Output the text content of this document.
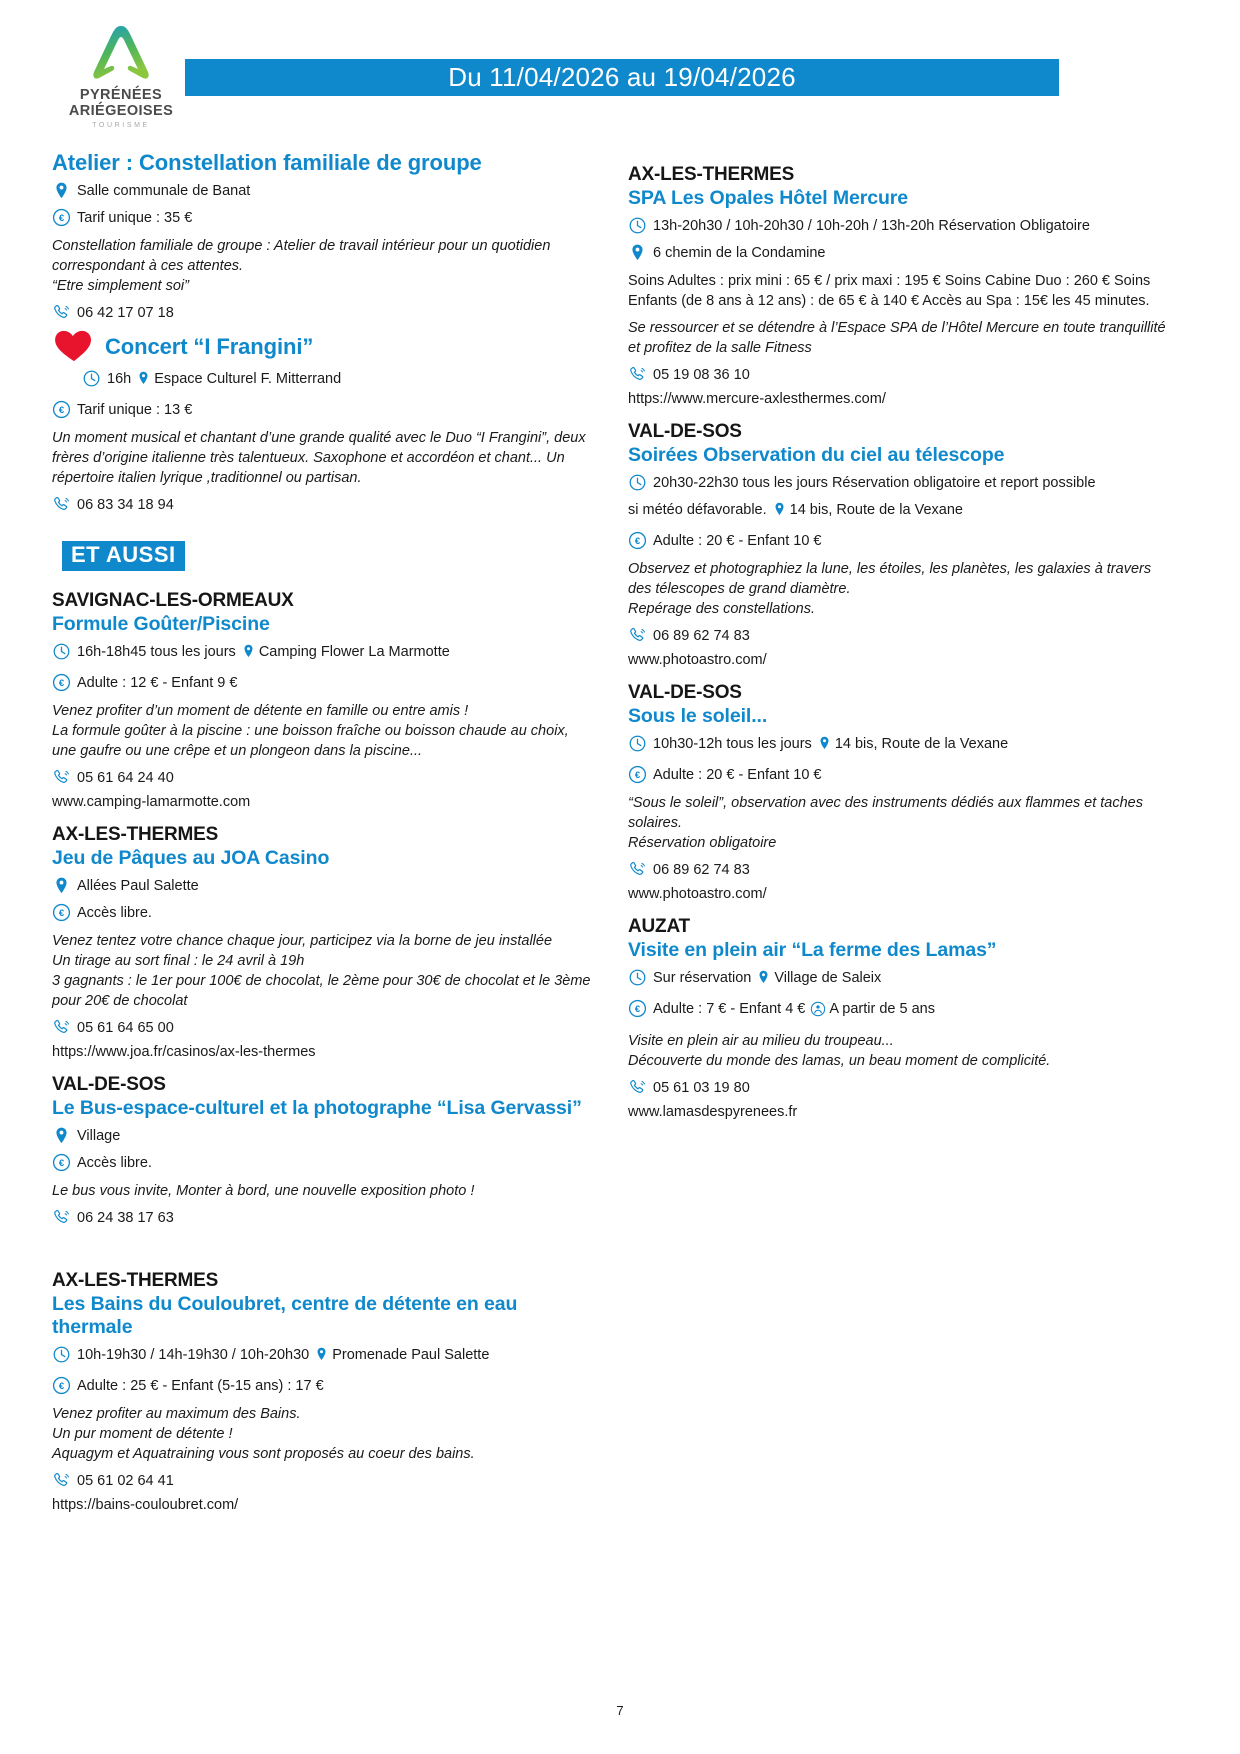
PYRÉNÉES
ARIÉGEOISES
TOURISME
Du 11/04/2026 au 19/04/2026
Atelier : Constellation familiale de groupe
Salle communale de Banat
€ Tarif unique : 35 €
Constellation familiale de groupe : Atelier de travail intérieur pour un quotidien correspondant à ces attentes.
“Etre simplement soi”
06 42 17 07 18
Concert “I Frangini”
16h Espace Culturel F. Mitterrand
€ Tarif unique : 13 €
Un moment musical et chantant d’une grande qualité avec le Duo “I Frangini”, deux frères d’origine italienne très talentueux. Saxophone et accordéon et chant... Un répertoire italien lyrique ,traditionnel ou partisan.
06 83 34 18 94
ET AUSSI
SAVIGNAC-LES-ORMEAUX
Formule Goûter/Piscine
16h-18h45 tous les jours Camping Flower La Marmotte
€ Adulte : 12 € - Enfant 9 €
Venez profiter d’un moment de détente en famille ou entre amis !
La formule goûter à la piscine : une boisson fraîche ou boisson chaude au choix, une gaufre ou une crêpe et un plongeon dans la piscine...
05 61 64 24 40
www.camping-lamarmotte.com
AX-LES-THERMES
Jeu de Pâques au JOA Casino
Allées Paul Salette
€ Accès libre.
Venez tentez votre chance chaque jour, participez via la borne de jeu installée
Un tirage au sort final : le 24 avril à 19h
3 gagnants : le 1er pour 100€ de chocolat, le 2ème pour 30€ de chocolat et le 3ème pour 20€ de chocolat
05 61 64 65 00
https://www.joa.fr/casinos/ax-les-thermes
VAL-DE-SOS
Le Bus-espace-culturel et la photographe “Lisa Gervassi”
Village
€ Accès libre.
Le bus vous invite, Monter à bord, une nouvelle exposition photo !
06 24 38 17 63
AX-LES-THERMES
Les Bains du Couloubret, centre de détente en eau thermale
10h-19h30 / 14h-19h30 / 10h-20h30 Promenade Paul Salette
€ Adulte : 25 € - Enfant (5-15 ans) : 17 €
Venez profiter au maximum des Bains.
Un pur moment de détente !
Aquagym et Aquatraining vous sont proposés au coeur des bains.
05 61 02 64 41
https://bains-couloubret.com/
AX-LES-THERMES
SPA Les Opales Hôtel Mercure
13h-20h30 / 10h-20h30 / 10h-20h / 13h-20h Réservation Obligatoire
6 chemin de la Condamine
Soins Adultes : prix mini : 65 € / prix maxi : 195 € Soins Cabine Duo : 260 € Soins Enfants (de 8 ans à 12 ans) : de 65 € à 140 € Accès au Spa : 15€ les 45 minutes.
Se ressourcer et se détendre à l’Espace SPA de l’Hôtel Mercure en toute tranquillité et profitez de la salle Fitness
05 19 08 36 10
https://www.mercure-axlesthermes.com/
VAL-DE-SOS
Soirées Observation du ciel au télescope
20h30-22h30 tous les jours Réservation obligatoire et report possible
si météo défavorable. 14 bis, Route de la Vexane
€ Adulte : 20 € - Enfant 10 €
Observez et photographiez la lune, les étoiles, les planètes, les galaxies à travers des télescopes de grand diamètre.
Repérage des constellations.
06 89 62 74 83
www.photoastro.com/
VAL-DE-SOS
Sous le soleil...
10h30-12h tous les jours 14 bis, Route de la Vexane
€ Adulte : 20 € - Enfant 10 €
“Sous le soleil”, observation avec des instruments dédiés aux flammes et taches solaires.
Réservation obligatoire
06 89 62 74 83
www.photoastro.com/
AUZAT
Visite en plein air “La ferme des Lamas”
Sur réservation Village de Saleix
€ Adulte : 7 € - Enfant 4 € A partir de 5 ans
Visite en plein air au milieu du troupeau...
Découverte du monde des lamas, un beau moment de complicité.
05 61 03 19 80
www.lamasdespyrenees.fr
7
